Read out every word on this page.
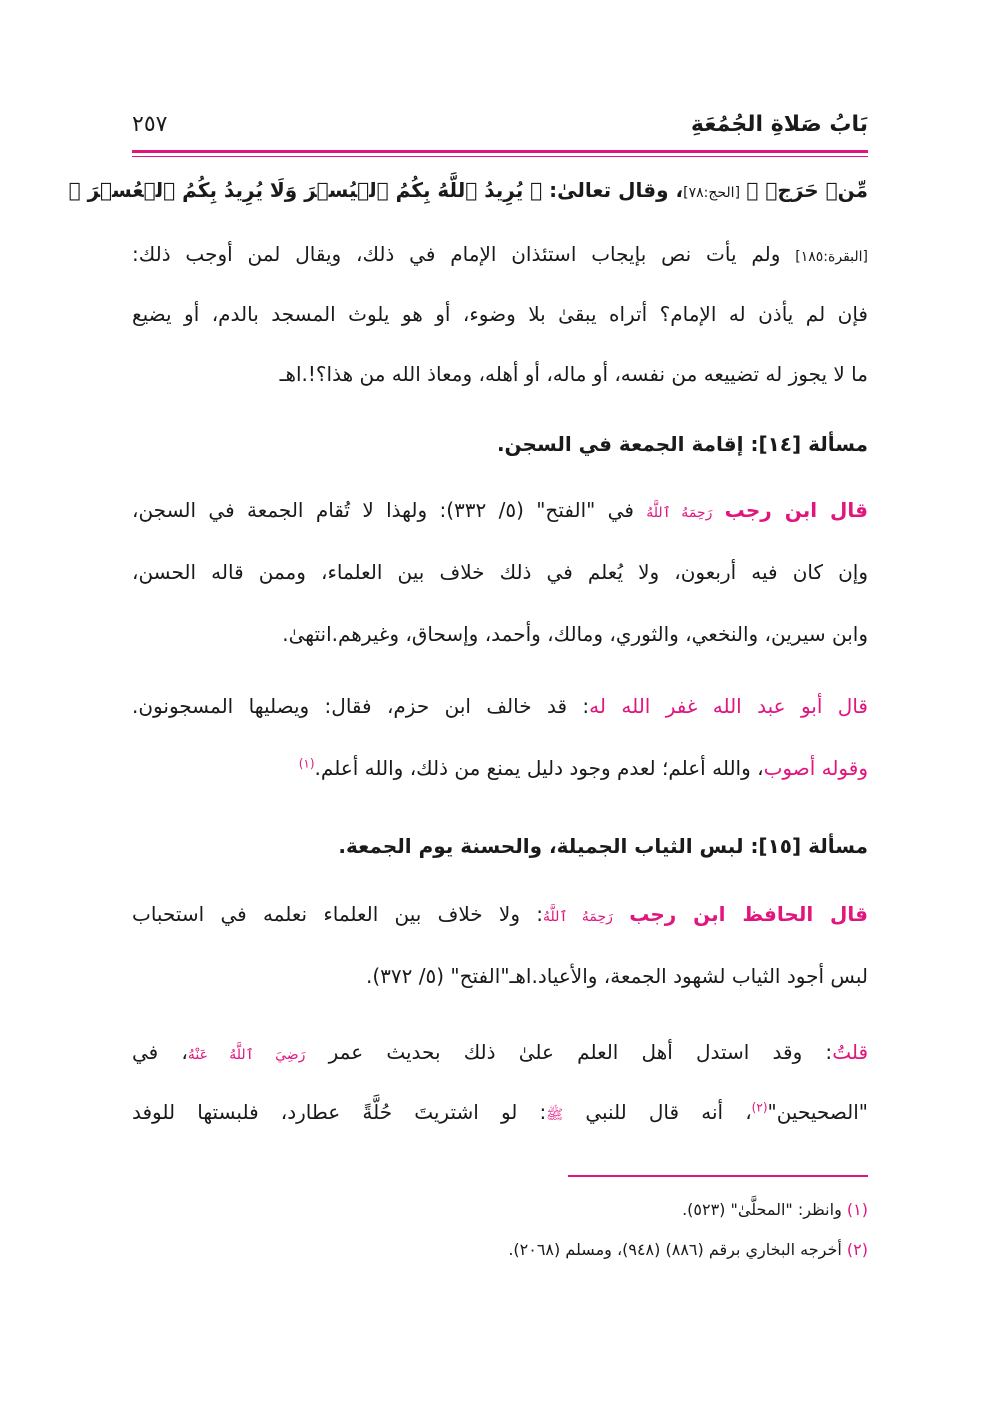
بَابُ صَلاةِ الجُمُعَةِ
٢٥٧
مِّنۡ حَرَجٖ ﴾ [الحج:٧٨]، وقال تعالىٰ: ﴿ يُرِيدُ ٱللَّهُ بِكُمُ ٱلۡيُسۡرَ وَلَا يُرِيدُ بِكُمُ ٱلۡعُسۡرَ ﴾
[البقرة:١٨٥] ولم يأت نص بإيجاب استئذان الإمام في ذلك، ويقال لمن أوجب ذلك:
فإن لم يأذن له الإمام؟ أتراه يبقىٰ بلا وضوء، أو هو يلوث المسجد بالدم، أو يضيع
ما لا يجوز له تضييعه من نفسه، أو ماله، أو أهله، ومعاذ الله من هذا؟!.اهـ
مسألة [١٤]: إقامة الجمعة في السجن.
قال ابن رجب رَحِمَهُ ٱللَّهُ في "الفتح" (٥/ ٣٣٢): ولهذا لا تُقام الجمعة في السجن،
وإن كان فيه أربعون، ولا يُعلم في ذلك خلاف بين العلماء، وممن قاله الحسن،
وابن سيرين، والنخعي، والثوري، ومالك، وأحمد، وإسحاق، وغيرهم.انتهىٰ.
قال أبو عبد الله غفر الله له: قد خالف ابن حزم، فقال: ويصليها المسجونون.
وقوله أصوب، والله أعلم؛ لعدم وجود دليل يمنع من ذلك، والله أعلم.$^{(١)}$
مسألة [١٥]: لبس الثياب الجميلة، والحسنة يوم الجمعة.
قال الحافظ ابن رجب رَحِمَهُ ٱللَّهُ: ولا خلاف بين العلماء نعلمه في استحباب
لبس أجود الثياب لشهود الجمعة، والأعياد.اهـ"الفتح" (٥/ ٣٧٢).
قلتُ: وقد استدل أهل العلم علىٰ ذلك بحديث عمر رَضِيَ ٱللَّهُ عَنْهُ، في
"الصحيحين"$^{(٢)}$، أنه قال للنبي ﷺ: لو اشتريتَ حُلَّةً عطارد، فلبستها للوفد
(١) وانظر: "المحلَّىٰ" (٥٢٣).
(٢) أخرجه البخاري برقم (٨٨٦) (٩٤٨)، ومسلم (٢٠٦٨).
